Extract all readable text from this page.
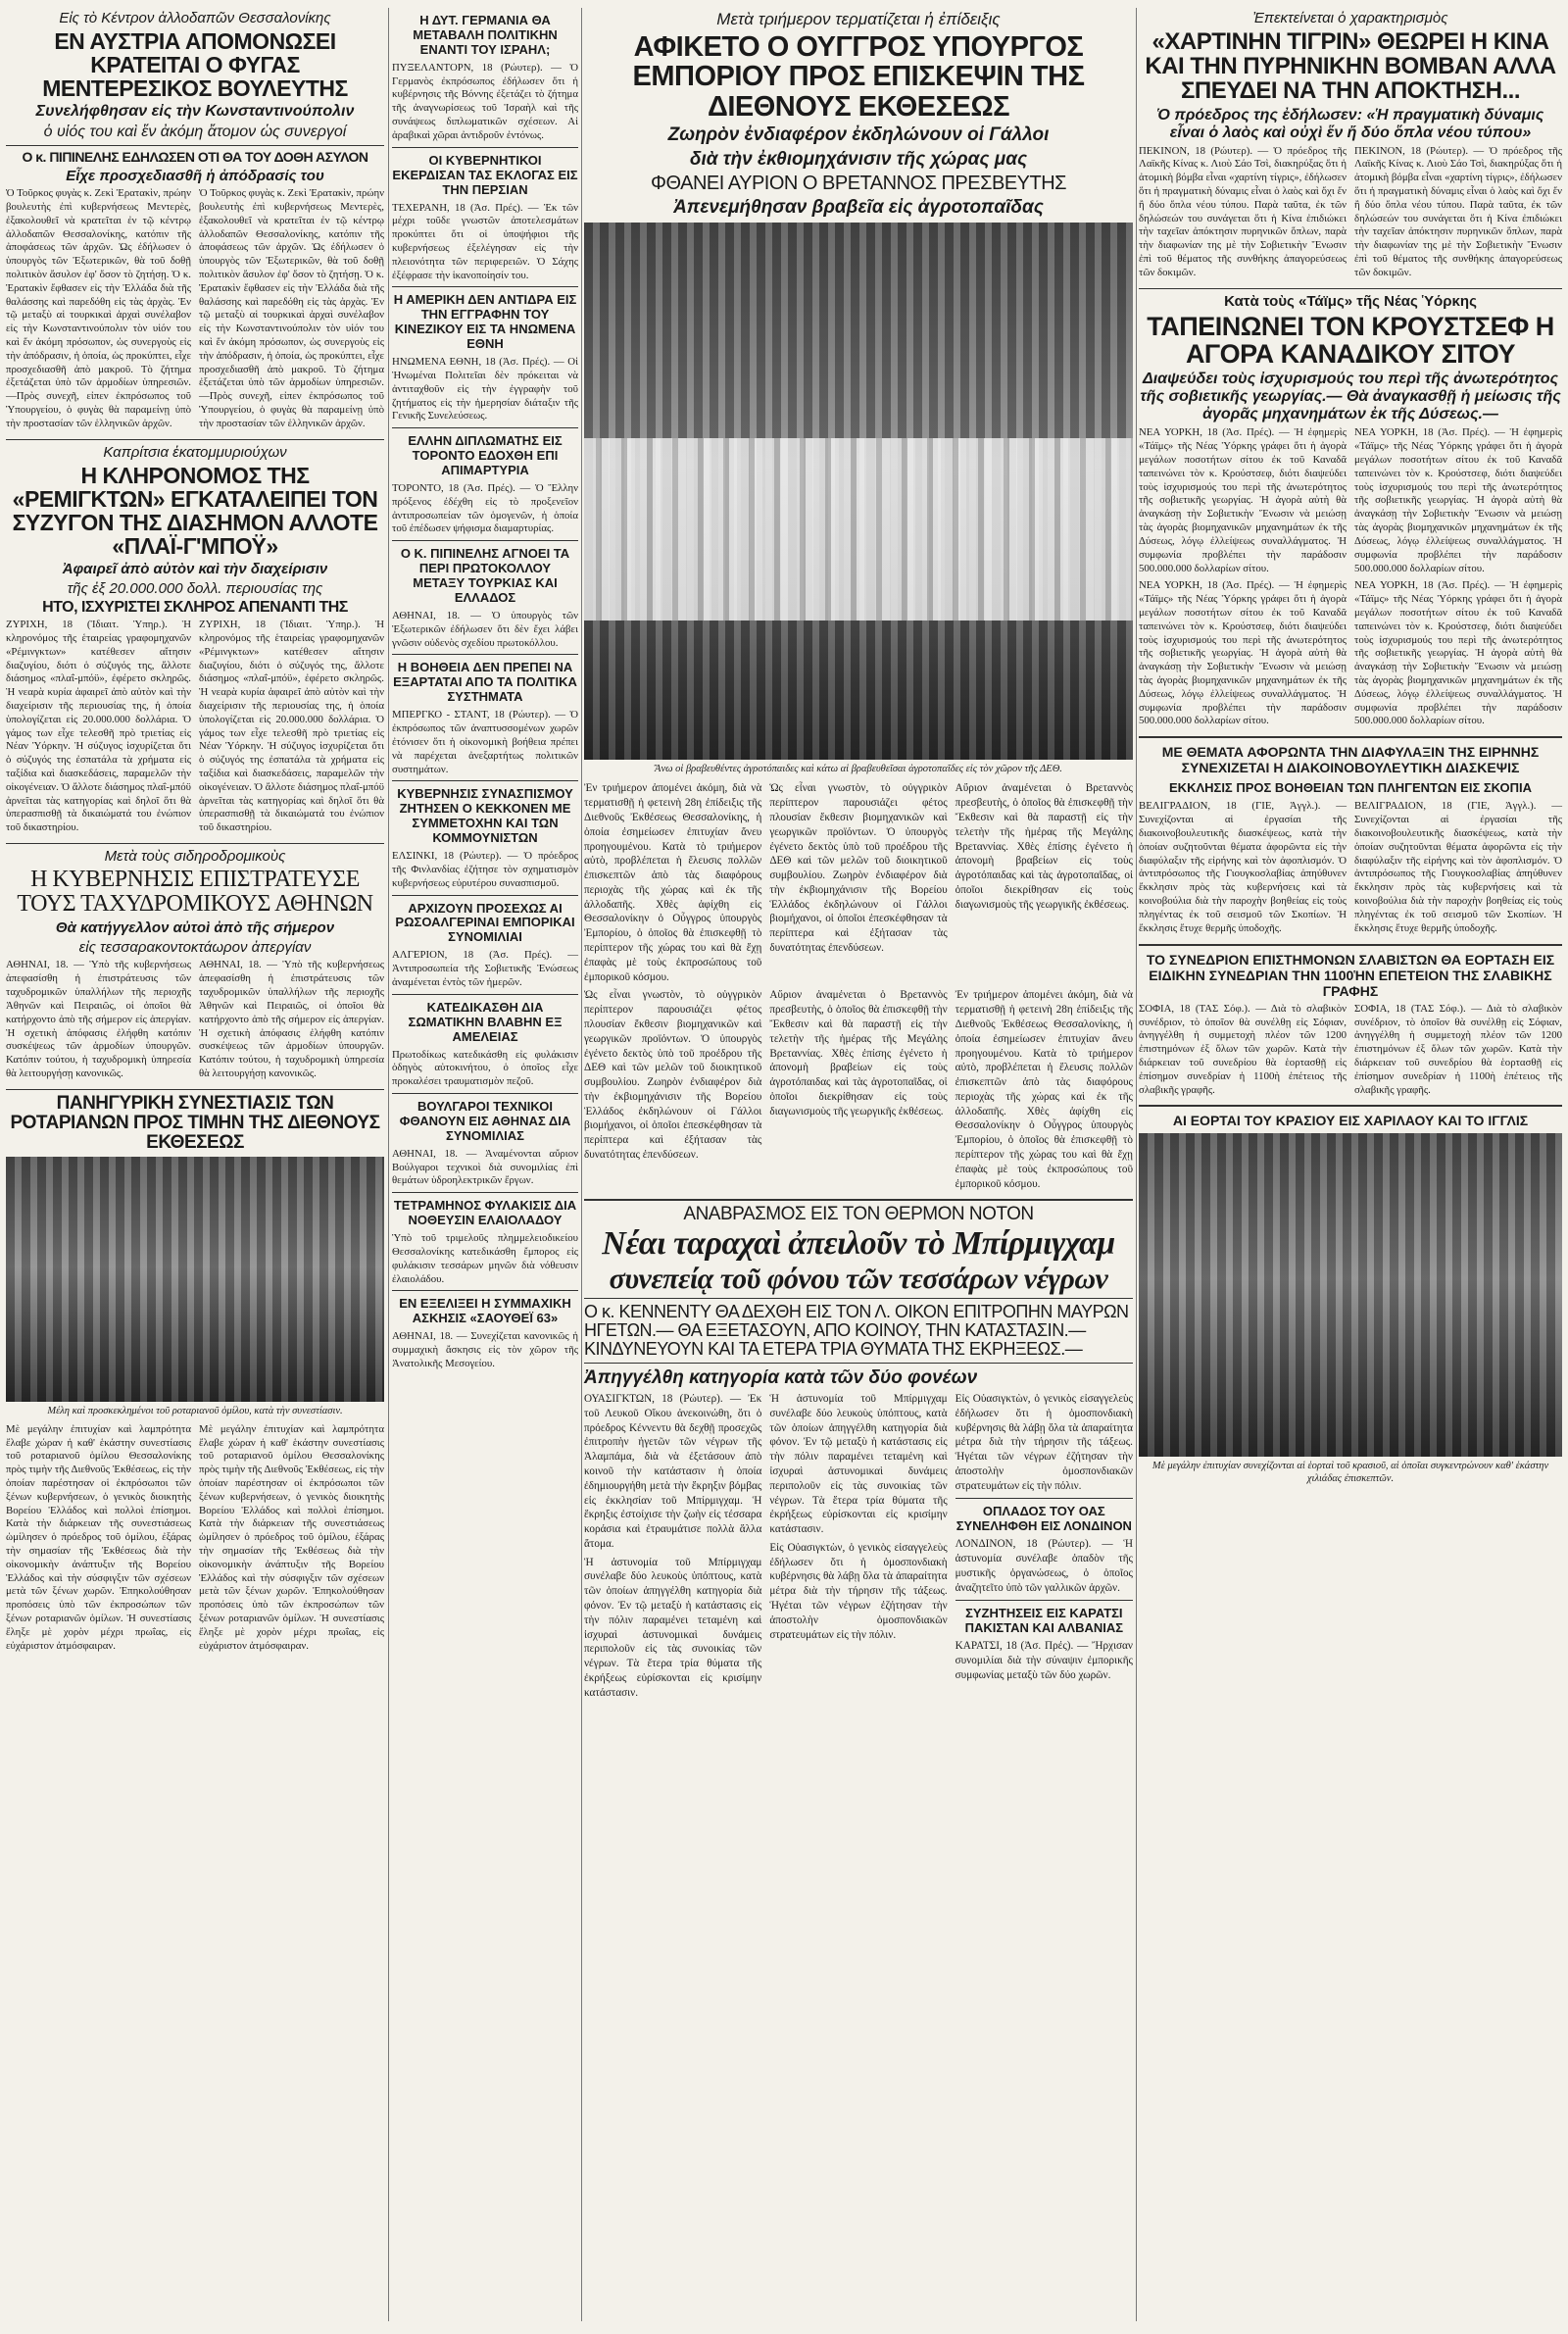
Εἰς τὸ Κέντρον ἀλλοδαπῶν Θεσσαλονίκης
ΕΝ ΑΥΣΤΡΙΑ ΑΠΟΜΟΝΩΣΕΙ ΚΡΑΤΕΙΤΑΙ Ο ΦΥΓΑΣ ΜΕΝΤΕΡΕΣΙΚΟΣ ΒΟΥΛΕΥΤΗΣ
Συνελήφθησαν εἰς τὴν Κωνσταντινούπολιν
ὁ υἱός του καὶ ἕν ἀκόμη ἄτομον ὡς συνεργοί
Ο κ. ΠΙΠΙΝΕΛΗΣ ΕΔΗΛΩΣΕΝ ΟΤΙ ΘΑ ΤΟΥ ΔΟΘΗ ΑΣΥΛΟΝ
Εἶχε προσχεδιασθῆ ἡ ἀπόδρασίς του
Ὁ Τοῦρκος φυγὰς κ. Ζεκὶ Ἐρατακὶν, πρώην βουλευτὴς ἐπὶ κυβερνήσεως Μεντερὲς, ἐξακολουθεῖ νὰ κρατεῖται ἐν τῷ κέντρῳ ἀλλοδαπῶν Θεσσαλονίκης, κατόπιν τῆς ἀποφάσεως τῶν ἀρχῶν. Ὡς ἐδήλωσεν ὁ ὑπουργὸς τῶν Ἐξωτερικῶν, θὰ τοῦ δοθῇ πολιτικὸν ἄσυλον ἐφ' ὅσον τὸ ζητήσῃ. Ὁ κ. Ἐρατακὶν ἔφθασεν εἰς τὴν Ἑλλάδα διὰ τῆς θαλάσσης καὶ παρεδόθη εἰς τὰς ἀρχὰς. Ἐν τῷ μεταξὺ αἱ τουρκικαὶ ἀρχαὶ συνέλαβον εἰς τὴν Κωνσταντινούπολιν τὸν υἱόν του καὶ ἕν ἀκόμη πρόσωπον, ὡς συνεργοὺς εἰς τὴν ἀπόδρασιν, ἡ ὁποία, ὡς προκύπτει, εἶχε προσχεδιασθῆ ἀπὸ μακροῦ. Τὸ ζήτημα ἐξετάζεται ὑπὸ τῶν ἁρμοδίων ὑπηρεσιῶν. —Πρὸς συνεχῆ, εἰπεν ἐκπρόσωπος τοῦ Ὑπουργείου, ὁ φυγὰς θὰ παραμείνῃ ὑπὸ τὴν προστασίαν τῶν ἑλληνικῶν ἀρχῶν.
Ὁ Τοῦρκος φυγὰς κ. Ζεκὶ Ἐρατακὶν, πρώην βουλευτὴς ἐπὶ κυβερνήσεως Μεντερὲς, ἐξακολουθεῖ νὰ κρατεῖται ἐν τῷ κέντρῳ ἀλλοδαπῶν Θεσσαλονίκης, κατόπιν τῆς ἀποφάσεως τῶν ἀρχῶν. Ὡς ἐδήλωσεν ὁ ὑπουργὸς τῶν Ἐξωτερικῶν, θὰ τοῦ δοθῇ πολιτικὸν ἄσυλον ἐφ' ὅσον τὸ ζητήσῃ. Ὁ κ. Ἐρατακὶν ἔφθασεν εἰς τὴν Ἑλλάδα διὰ τῆς θαλάσσης καὶ παρεδόθη εἰς τὰς ἀρχὰς. Ἐν τῷ μεταξὺ αἱ τουρκικαὶ ἀρχαὶ συνέλαβον εἰς τὴν Κωνσταντινούπολιν τὸν υἱόν του καὶ ἕν ἀκόμη πρόσωπον, ὡς συνεργοὺς εἰς τὴν ἀπόδρασιν, ἡ ὁποία, ὡς προκύπτει, εἶχε προσχεδιασθῆ ἀπὸ μακροῦ. Τὸ ζήτημα ἐξετάζεται ὑπὸ τῶν ἁρμοδίων ὑπηρεσιῶν. —Πρὸς συνεχῆ, εἰπεν ἐκπρόσωπος τοῦ Ὑπουργείου, ὁ φυγὰς θὰ παραμείνῃ ὑπὸ τὴν προστασίαν τῶν ἑλληνικῶν ἀρχῶν.
Καπρίτσια ἑκατομμυριούχων
Η ΚΛΗΡΟΝΟΜΟΣ ΤΗΣ «ΡΕΜΙΓΚΤΩΝ» ΕΓΚΑΤΑΛΕΙΠΕΙ ΤΟΝ ΣΥΖΥΓΟΝ ΤΗΣ ΔΙΑΣΗΜΟΝ ΑΛΛΟΤΕ «ΠΛΑΪ-Γ'ΜΠΟΫ»
Ἀφαιρεῖ ἀπὸ αὐτὸν καὶ τὴν διαχείρισιν
τῆς ἐξ 20.000.000 δολλ. περιουσίας της
ΗΤΟ, ΙΣΧΥΡΙΣΤΕΙ ΣΚΛΗΡΟΣ ΑΠΕΝΑΝΤΙ ΤΗΣ
ΖΥΡΙΧΗ, 18 (Ἰδιαιτ. Ὑπηρ.). Ἡ κληρονόμος τῆς ἑταιρείας γραφομηχανῶν «Ρέμινγκτων» κατέθεσεν αἴτησιν διαζυγίου, διότι ὁ σύζυγός της, ἄλλοτε διάσημος «πλαΐ-μπόϋ», ἐφέρετο σκληρῶς. Ἡ νεαρὰ κυρία ἀφαιρεῖ ἀπὸ αὐτὸν καὶ τὴν διαχείρισιν τῆς περιουσίας της, ἡ ὁποία ὑπολογίζεται εἰς 20.000.000 δολλάρια. Ὁ γάμος των εἶχε τελεσθῆ πρὸ τριετίας εἰς Νέαν Ὑόρκην. Ἡ σύζυγος ἰσχυρίζεται ὅτι ὁ σύζυγός της ἐσπατάλα τὰ χρήματα εἰς ταξίδια καὶ διασκεδάσεις, παραμελῶν τὴν οἰκογένειαν. Ὁ ἄλλοτε διάσημος πλαΐ-μπόϋ ἀρνεῖται τὰς κατηγορίας καὶ δηλοῖ ὅτι θὰ ὑπερασπισθῇ τὰ δικαιώματά του ἐνώπιον τοῦ δικαστηρίου.
ΖΥΡΙΧΗ, 18 (Ἰδιαιτ. Ὑπηρ.). Ἡ κληρονόμος τῆς ἑταιρείας γραφομηχανῶν «Ρέμινγκτων» κατέθεσεν αἴτησιν διαζυγίου, διότι ὁ σύζυγός της, ἄλλοτε διάσημος «πλαΐ-μπόϋ», ἐφέρετο σκληρῶς. Ἡ νεαρὰ κυρία ἀφαιρεῖ ἀπὸ αὐτὸν καὶ τὴν διαχείρισιν τῆς περιουσίας της, ἡ ὁποία ὑπολογίζεται εἰς 20.000.000 δολλάρια. Ὁ γάμος των εἶχε τελεσθῆ πρὸ τριετίας εἰς Νέαν Ὑόρκην. Ἡ σύζυγος ἰσχυρίζεται ὅτι ὁ σύζυγός της ἐσπατάλα τὰ χρήματα εἰς ταξίδια καὶ διασκεδάσεις, παραμελῶν τὴν οἰκογένειαν. Ὁ ἄλλοτε διάσημος πλαΐ-μπόϋ ἀρνεῖται τὰς κατηγορίας καὶ δηλοῖ ὅτι θὰ ὑπερασπισθῇ τὰ δικαιώματά του ἐνώπιον τοῦ δικαστηρίου.
Μετὰ τοὺς σιδηροδρομικοὺς
Η ΚΥΒΕΡΝΗΣΙΣ ΕΠΙΣΤΡΑΤΕΥΣΕ ΤΟΥΣ ΤΑΧΥΔΡΟΜΙΚΟΥΣ ΑΘΗΝΩΝ
Θὰ κατήγγελλον αὐτοὶ ἀπὸ τῆς σήμερον
εἰς τεσσαρακοντοκτάωρον ἀπεργίαν
ΑΘΗΝΑΙ, 18. — Ὑπὸ τῆς κυβερνήσεως ἀπεφασίσθη ἡ ἐπιστράτευσις τῶν ταχυδρομικῶν ὑπαλλήλων τῆς περιοχῆς Ἀθηνῶν καὶ Πειραιῶς, οἱ ὁποῖοι θὰ κατήρχοντο ἀπὸ τῆς σήμερον εἰς ἀπεργίαν. Ἡ σχετικὴ ἀπόφασις ἐλήφθη κατόπιν συσκέψεως τῶν ἁρμοδίων ὑπουργῶν. Κατόπιν τούτου, ἡ ταχυδρομικὴ ὑπηρεσία θὰ λειτουργήσῃ κανονικῶς.
ΑΘΗΝΑΙ, 18. — Ὑπὸ τῆς κυβερνήσεως ἀπεφασίσθη ἡ ἐπιστράτευσις τῶν ταχυδρομικῶν ὑπαλλήλων τῆς περιοχῆς Ἀθηνῶν καὶ Πειραιῶς, οἱ ὁποῖοι θὰ κατήρχοντο ἀπὸ τῆς σήμερον εἰς ἀπεργίαν. Ἡ σχετικὴ ἀπόφασις ἐλήφθη κατόπιν συσκέψεως τῶν ἁρμοδίων ὑπουργῶν. Κατόπιν τούτου, ἡ ταχυδρομικὴ ὑπηρεσία θὰ λειτουργήσῃ κανονικῶς.
ΠΑΝΗΓΥΡΙΚΗ ΣΥΝΕΣΤΙΑΣΙΣ ΤΩΝ ΡΟΤΑΡΙΑΝΩΝ ΠΡΟΣ ΤΙΜΗΝ ΤΗΣ ΔΙΕΘΝΟΥΣ ΕΚΘΕΣΕΩΣ
Μέλη καὶ προσκεκλημένοι τοῦ ροταριανοῦ ὁμίλου, κατὰ τὴν συνεστίασιν.
Μὲ μεγάλην ἐπιτυχίαν καὶ λαμπρότητα ἔλαβε χώραν ἡ καθ' ἑκάστην συνεστίασις τοῦ ροταριανοῦ ὁμίλου Θεσσαλονίκης πρὸς τιμὴν τῆς Διεθνοῦς Ἐκθέσεως, εἰς τὴν ὁποίαν παρέστησαν οἱ ἐκπρόσωποι τῶν ξένων κυβερνήσεων, ὁ γενικὸς διοικητὴς Βορείου Ἑλλάδος καὶ πολλοὶ ἐπίσημοι. Κατὰ τὴν διάρκειαν τῆς συνεστιάσεως ὡμίλησεν ὁ πρόεδρος τοῦ ὁμίλου, ἐξάρας τὴν σημασίαν τῆς Ἐκθέσεως διὰ τὴν οἰκονομικὴν ἀνάπτυξιν τῆς Βορείου Ἑλλάδος καὶ τὴν σύσφιγξιν τῶν σχέσεων μετὰ τῶν ξένων χωρῶν. Ἐπηκολούθησαν προπόσεις ὑπὸ τῶν ἐκπροσώπων τῶν ξένων ροταριανῶν ὁμίλων. Ἡ συνεστίασις ἔληξε μὲ χορὸν μέχρι πρωΐας, εἰς εὐχάριστον ἀτμόσφαιραν.
Μὲ μεγάλην ἐπιτυχίαν καὶ λαμπρότητα ἔλαβε χώραν ἡ καθ' ἑκάστην συνεστίασις τοῦ ροταριανοῦ ὁμίλου Θεσσαλονίκης πρὸς τιμὴν τῆς Διεθνοῦς Ἐκθέσεως, εἰς τὴν ὁποίαν παρέστησαν οἱ ἐκπρόσωποι τῶν ξένων κυβερνήσεων, ὁ γενικὸς διοικητὴς Βορείου Ἑλλάδος καὶ πολλοὶ ἐπίσημοι. Κατὰ τὴν διάρκειαν τῆς συνεστιάσεως ὡμίλησεν ὁ πρόεδρος τοῦ ὁμίλου, ἐξάρας τὴν σημασίαν τῆς Ἐκθέσεως διὰ τὴν οἰκονομικὴν ἀνάπτυξιν τῆς Βορείου Ἑλλάδος καὶ τὴν σύσφιγξιν τῶν σχέσεων μετὰ τῶν ξένων χωρῶν. Ἐπηκολούθησαν προπόσεις ὑπὸ τῶν ἐκπροσώπων τῶν ξένων ροταριανῶν ὁμίλων. Ἡ συνεστίασις ἔληξε μὲ χορὸν μέχρι πρωΐας, εἰς εὐχάριστον ἀτμόσφαιραν.
Η ΔΥΤ. ΓΕΡΜΑΝΙΑ ΘΑ ΜΕΤΑΒΑΛΗ ΠΟΛΙΤΙΚΗΝ ΕΝΑΝΤΙ ΤΟΥ ΙΣΡΑΗΛ;
ΠΥΞΕΛΑΝΤΟΡΝ, 18 (Ρώυτερ). — Ὁ Γερμανὸς ἐκπρόσωπος ἐδήλωσεν ὅτι ἡ κυβέρνησις τῆς Βόννης ἐξετάζει τὸ ζήτημα τῆς ἀναγνωρίσεως τοῦ Ἰσραὴλ καὶ τῆς συνάψεως διπλωματικῶν σχέσεων. Αἱ ἀραβικαὶ χῶραι ἀντιδροῦν ἐντόνως.
ΟΙ ΚΥΒΕΡΝΗΤΙΚΟΙ ΕΚΕΡΔΙΣΑΝ ΤΑΣ ΕΚΛΟΓΑΣ ΕΙΣ ΤΗΝ ΠΕΡΣΙΑΝ
ΤΕΧΕΡΑΝΗ, 18 (Ἀσ. Πρές). — Ἐκ τῶν μέχρι τοῦδε γνωστῶν ἀποτελεσμάτων προκύπτει ὅτι οἱ ὑποψήφιοι τῆς κυβερνήσεως ἐξελέγησαν εἰς τὴν πλειονότητα τῶν περιφερειῶν. Ὁ Σάχης ἐξέφρασε τὴν ἱκανοποίησίν του.
Η ΑΜΕΡΙΚΗ ΔΕΝ ΑΝΤΙΔΡΑ ΕΙΣ ΤΗΝ ΕΓΓΡΑΦΗΝ ΤΟΥ ΚΙΝΕΖΙΚΟΥ ΕΙΣ ΤΑ ΗΝΩΜΕΝΑ ΕΘΝΗ
ΗΝΩΜΕΝΑ ΕΘΝΗ, 18 (Ἀσ. Πρές). — Οἱ Ἡνωμέναι Πολιτεῖαι δὲν πρόκειται νὰ ἀντιταχθοῦν εἰς τὴν ἐγγραφὴν τοῦ ζητήματος εἰς τὴν ἡμερησίαν διάταξιν τῆς Γενικῆς Συνελεύσεως.
ΕΛΛΗΝ ΔΙΠΛΩΜΑΤΗΣ ΕΙΣ ΤΟΡΟΝΤΟ ΕΔΟΧΘΗ ΕΠΙ ΑΠΙΜΑΡΤΥΡΙΑ
ΤΟΡΟΝΤΟ, 18 (Ἀσ. Πρές). — Ὁ Ἕλλην πρόξενος ἐδέχθη εἰς τὸ προξενεῖον ἀντιπροσωπείαν τῶν ὁμογενῶν, ἡ ὁποία τοῦ ἐπέδωσεν ψήφισμα διαμαρτυρίας.
Ο Κ. ΠΙΠΙΝΕΛΗΣ ΑΓΝΟΕΙ ΤΑ ΠΕΡΙ ΠΡΩΤΟΚΟΛΛΟΥ ΜΕΤΑΞΥ ΤΟΥΡΚΙΑΣ ΚΑΙ ΕΛΛΑΔΟΣ
ΑΘΗΝΑΙ, 18. — Ὁ ὑπουργὸς τῶν Ἐξωτερικῶν ἐδήλωσεν ὅτι δὲν ἔχει λάβει γνῶσιν οὐδενὸς σχεδίου πρωτοκόλλου.
Η ΒΟΗΘΕΙΑ ΔΕΝ ΠΡΕΠΕΙ ΝΑ ΕΞΑΡΤΑΤΑΙ ΑΠΟ ΤΑ ΠΟΛΙΤΙΚΑ ΣΥΣΤΗΜΑΤΑ
ΜΠΕΡΓΚΟ - ΣΤΑΝΤ, 18 (Ρώυτερ). — Ὁ ἐκπρόσωπος τῶν ἀναπτυσσομένων χωρῶν ἐτόνισεν ὅτι ἡ οἰκονομικὴ βοήθεια πρέπει νὰ παρέχεται ἀνεξαρτήτως πολιτικῶν συστημάτων.
ΚΥΒΕΡΝΗΣΙΣ ΣΥΝΑΣΠΙΣΜΟΥ ΖΗΤΗΣΕΝ Ο ΚΕΚΚΟΝΕΝ ΜΕ ΣΥΜΜΕΤΟΧΗΝ ΚΑΙ ΤΩΝ ΚΟΜΜΟΥΝΙΣΤΩΝ
ΕΛΣΙΝΚΙ, 18 (Ρώυτερ). — Ὁ πρόεδρος τῆς Φινλανδίας ἐζήτησε τὸν σχηματισμὸν κυβερνήσεως εὐρυτέρου συνασπισμοῦ.
ΑΡΧΙΖΟΥΝ ΠΡΟΣΕΧΩΣ ΑΙ ΡΩΣΟΑΛΓΕΡΙΝΑΙ ΕΜΠΟΡΙΚΑΙ ΣΥΝΟΜΙΛΙΑΙ
ΑΛΓΕΡΙΟΝ, 18 (Ἀσ. Πρές). — Ἀντιπροσωπεία τῆς Σοβιετικῆς Ἑνώσεως ἀναμένεται ἐντὸς τῶν ἡμερῶν.
ΚΑΤΕΔΙΚΑΣΘΗ ΔΙΑ ΣΩΜΑΤΙΚΗΝ ΒΛΑΒΗΝ ΕΞ ΑΜΕΛΕΙΑΣ
Πρωτοδίκως κατεδικάσθη εἰς φυλάκισιν ὁδηγὸς αὐτοκινήτου, ὁ ὁποῖος εἶχε προκαλέσει τραυματισμὸν πεζοῦ.
ΒΟΥΛΓΑΡΟΙ ΤΕΧΝΙΚΟΙ ΦΘΑΝΟΥΝ ΕΙΣ ΑΘΗΝΑΣ ΔΙΑ ΣΥΝΟΜΙΛΙΑΣ
ΑΘΗΝΑΙ, 18. — Ἀναμένονται αὔριον Βούλγαροι τεχνικοὶ διὰ συνομιλίας ἐπὶ θεμάτων ὑδροηλεκτρικῶν ἔργων.
ΤΕΤΡΑΜΗΝΟΣ ΦΥΛΑΚΙΣΙΣ ΔΙΑ ΝΟΘΕΥΣΙΝ ΕΛΑΙΟΛΑΔΟΥ
Ὑπὸ τοῦ τριμελοῦς πλημμελειοδικείου Θεσσαλονίκης κατεδικάσθη ἔμπορος εἰς φυλάκισιν τεσσάρων μηνῶν διὰ νόθευσιν ἐλαιολάδου.
ΕΝ ΕΞΕΛΙΞΕΙ Η ΣΥΜΜΑΧΙΚΗ ΑΣΚΗΣΙΣ «ΣΑΟΥΘΕΪ 63»
ΑΘΗΝΑΙ, 18. — Συνεχίζεται κανονικῶς ἡ συμμαχικὴ ἄσκησις εἰς τὸν χῶρον τῆς Ἀνατολικῆς Μεσογείου.
Μετὰ τριήμερον τερματίζεται ἡ ἐπίδειξις
ΑΦΙΚΕΤΟ Ο ΟΥΓΓΡΟΣ ΥΠΟΥΡΓΟΣ ΕΜΠΟΡΙΟΥ ΠΡΟΣ ΕΠΙΣΚΕΨΙΝ ΤΗΣ ΔΙΕΘΝΟΥΣ ΕΚΘΕΣΕΩΣ
Ζωηρὸν ἐνδιαφέρον ἐκδηλώνουν οἱ Γάλλοι
διὰ τὴν ἐκθιομηχάνισιν τῆς χώρας μας
ΦΘΑΝΕΙ ΑΥΡΙΟΝ Ο ΒΡΕΤΑΝΝΟΣ ΠΡΕΣΒΕΥΤΗΣ
Ἀπενεμήθησαν βραβεῖα εἰς ἀγροτοπαῖδας
Ἄνω οἱ βραβευθέντες ἀγροτόπαιδες καὶ κάτω αἱ βραβευθεῖσαι ἀγροτοπαῖδες εἰς τὸν χῶρον τῆς ΔΕΘ.
Ἐν τριήμερον ἀπομένει ἀκόμη, διὰ νὰ τερματισθῇ ἡ φετεινὴ 28η ἐπίδειξις τῆς Διεθνοῦς Ἐκθέσεως Θεσσαλονίκης, ἡ ὁποία ἐσημείωσεν ἐπιτυχίαν ἄνευ προηγουμένου. Κατὰ τὸ τριήμερον αὐτὸ, προβλέπεται ἡ ἔλευσις πολλῶν ἐπισκεπτῶν ἀπὸ τὰς διαφόρους περιοχὰς τῆς χώρας καὶ ἐκ τῆς ἀλλοδαπῆς. Χθὲς ἀφίχθη εἰς Θεσσαλονίκην ὁ Οὖγγρος ὑπουργὸς Ἐμπορίου, ὁ ὁποῖος θὰ ἐπισκεφθῇ τὸ περίπτερον τῆς χώρας του καὶ θὰ ἔχῃ ἐπαφὰς μὲ τοὺς ἐκπροσώπους τοῦ ἐμπορικοῦ κόσμου.
Ὡς εἶναι γνωστὸν, τὸ οὐγγρικὸν περίπτερον παρουσιάζει φέτος πλουσίαν ἔκθεσιν βιομηχανικῶν καὶ γεωργικῶν προϊόντων. Ὁ ὑπουργὸς ἐγένετο δεκτὸς ὑπὸ τοῦ προέδρου τῆς ΔΕΘ καὶ τῶν μελῶν τοῦ διοικητικοῦ συμβουλίου. Ζωηρὸν ἐνδιαφέρον διὰ τὴν ἐκβιομηχάνισιν τῆς Βορείου Ἑλλάδος ἐκδηλώνουν οἱ Γάλλοι βιομήχανοι, οἱ ὁποῖοι ἐπεσκέφθησαν τὰ περίπτερα καὶ ἐξήτασαν τὰς δυνατότητας ἐπενδύσεων.
Αὔριον ἀναμένεται ὁ Βρεταννὸς πρεσβευτὴς, ὁ ὁποῖος θὰ ἐπισκεφθῇ τὴν Ἔκθεσιν καὶ θὰ παραστῇ εἰς τὴν τελετὴν τῆς ἡμέρας τῆς Μεγάλης Βρεταννίας. Χθὲς ἐπίσης ἐγένετο ἡ ἀπονομὴ βραβείων εἰς τοὺς ἀγροτόπαιδας καὶ τὰς ἀγροτοπαῖδας, οἱ ὁποῖοι διεκρίθησαν εἰς τοὺς διαγωνισμοὺς τῆς γεωργικῆς ἐκθέσεως.
Ὡς εἶναι γνωστὸν, τὸ οὐγγρικὸν περίπτερον παρουσιάζει φέτος πλουσίαν ἔκθεσιν βιομηχανικῶν καὶ γεωργικῶν προϊόντων. Ὁ ὑπουργὸς ἐγένετο δεκτὸς ὑπὸ τοῦ προέδρου τῆς ΔΕΘ καὶ τῶν μελῶν τοῦ διοικητικοῦ συμβουλίου. Ζωηρὸν ἐνδιαφέρον διὰ τὴν ἐκβιομηχάνισιν τῆς Βορείου Ἑλλάδος ἐκδηλώνουν οἱ Γάλλοι βιομήχανοι, οἱ ὁποῖοι ἐπεσκέφθησαν τὰ περίπτερα καὶ ἐξήτασαν τὰς δυνατότητας ἐπενδύσεων.
Αὔριον ἀναμένεται ὁ Βρεταννὸς πρεσβευτὴς, ὁ ὁποῖος θὰ ἐπισκεφθῇ τὴν Ἔκθεσιν καὶ θὰ παραστῇ εἰς τὴν τελετὴν τῆς ἡμέρας τῆς Μεγάλης Βρεταννίας. Χθὲς ἐπίσης ἐγένετο ἡ ἀπονομὴ βραβείων εἰς τοὺς ἀγροτόπαιδας καὶ τὰς ἀγροτοπαῖδας, οἱ ὁποῖοι διεκρίθησαν εἰς τοὺς διαγωνισμοὺς τῆς γεωργικῆς ἐκθέσεως.
Ἐν τριήμερον ἀπομένει ἀκόμη, διὰ νὰ τερματισθῇ ἡ φετεινὴ 28η ἐπίδειξις τῆς Διεθνοῦς Ἐκθέσεως Θεσσαλονίκης, ἡ ὁποία ἐσημείωσεν ἐπιτυχίαν ἄνευ προηγουμένου. Κατὰ τὸ τριήμερον αὐτὸ, προβλέπεται ἡ ἔλευσις πολλῶν ἐπισκεπτῶν ἀπὸ τὰς διαφόρους περιοχὰς τῆς χώρας καὶ ἐκ τῆς ἀλλοδαπῆς. Χθὲς ἀφίχθη εἰς Θεσσαλονίκην ὁ Οὖγγρος ὑπουργὸς Ἐμπορίου, ὁ ὁποῖος θὰ ἐπισκεφθῇ τὸ περίπτερον τῆς χώρας του καὶ θὰ ἔχῃ ἐπαφὰς μὲ τοὺς ἐκπροσώπους τοῦ ἐμπορικοῦ κόσμου.
ΑΝΑΒΡΑΣΜΟΣ ΕΙΣ ΤΟΝ ΘΕΡΜΟΝ ΝΟΤΟΝ
Νέαι ταραχαὶ ἀπειλοῦν τὸ Μπίρμιγχαμ
συνεπείᾳ τοῦ φόνου τῶν τεσσάρων νέγρων
Ο κ. ΚΕΝΝΕΝΤΥ ΘΑ ΔΕΧΘΗ ΕΙΣ ΤΟΝ Λ. ΟΙΚΟΝ ΕΠΙΤΡΟΠΗΝ ΜΑΥΡΩΝ ΗΓΕΤΩΝ.— ΘΑ ΕΞΕΤΑΣΟΥΝ, ΑΠΟ ΚΟΙΝΟΥ, ΤΗΝ ΚΑΤΑΣΤΑΣΙΝ.— ΚΙΝΔΥΝΕΥΟΥΝ ΚΑΙ ΤΑ ΕΤΕΡΑ ΤΡΙΑ ΘΥΜΑΤΑ ΤΗΣ ΕΚΡΗΞΕΩΣ.—
Ἀπηγγέλθη κατηγορία κατὰ τῶν δύο φονέων
ΟΥΑΣΙΓΚΤΩΝ, 18 (Ρώυτερ). — Ἐκ τοῦ Λευκοῦ Οἴκου ἀνεκοινώθη, ὅτι ὁ πρόεδρος Κέννεντυ θὰ δεχθῇ προσεχῶς ἐπιτροπὴν ἡγετῶν τῶν νέγρων τῆς Ἀλαμπάμα, διὰ νὰ ἐξετάσουν ἀπὸ κοινοῦ τὴν κατάστασιν ἡ ὁποία ἐδημιουργήθη μετὰ τὴν ἔκρηξιν βόμβας εἰς ἐκκλησίαν τοῦ Μπίρμιγχαμ. Ἡ ἔκρηξις ἐστοίχισε τὴν ζωὴν εἰς τέσσαρα κοράσια καὶ ἐτραυμάτισε πολλὰ ἄλλα ἄτομα.
Ἡ ἀστυνομία τοῦ Μπίρμιγχαμ συνέλαβε δύο λευκοὺς ὑπόπτους, κατὰ τῶν ὁποίων ἀπηγγέλθη κατηγορία διὰ φόνον. Ἐν τῷ μεταξὺ ἡ κατάστασις εἰς τὴν πόλιν παραμένει τεταμένη καὶ ἰσχυραὶ ἀστυνομικαὶ δυνάμεις περιπολοῦν εἰς τὰς συνοικίας τῶν νέγρων. Τὰ ἕτερα τρία θύματα τῆς ἐκρήξεως εὑρίσκονται εἰς κρισίμην κατάστασιν.
Ἡ ἀστυνομία τοῦ Μπίρμιγχαμ συνέλαβε δύο λευκοὺς ὑπόπτους, κατὰ τῶν ὁποίων ἀπηγγέλθη κατηγορία διὰ φόνον. Ἐν τῷ μεταξὺ ἡ κατάστασις εἰς τὴν πόλιν παραμένει τεταμένη καὶ ἰσχυραὶ ἀστυνομικαὶ δυνάμεις περιπολοῦν εἰς τὰς συνοικίας τῶν νέγρων. Τὰ ἕτερα τρία θύματα τῆς ἐκρήξεως εὑρίσκονται εἰς κρισίμην κατάστασιν.
Εἰς Οὐασιγκτὼν, ὁ γενικὸς εἰσαγγελεὺς ἐδήλωσεν ὅτι ἡ ὁμοσπονδιακὴ κυβέρνησις θὰ λάβῃ ὅλα τὰ ἀπαραίτητα μέτρα διὰ τὴν τήρησιν τῆς τάξεως. Ἡγέται τῶν νέγρων ἐζήτησαν τὴν ἀποστολὴν ὁμοσπονδιακῶν στρατευμάτων εἰς τὴν πόλιν.
Εἰς Οὐασιγκτὼν, ὁ γενικὸς εἰσαγγελεὺς ἐδήλωσεν ὅτι ἡ ὁμοσπονδιακὴ κυβέρνησις θὰ λάβῃ ὅλα τὰ ἀπαραίτητα μέτρα διὰ τὴν τήρησιν τῆς τάξεως. Ἡγέται τῶν νέγρων ἐζήτησαν τὴν ἀποστολὴν ὁμοσπονδιακῶν στρατευμάτων εἰς τὴν πόλιν.
ΟΠΛΑΔΟΣ ΤΟΥ ΟΑΣ ΣΥΝΕΛΗΦΘΗ ΕΙΣ ΛΟΝΔΙΝΟΝ
ΛΟΝΔΙΝΟΝ, 18 (Ρώυτερ). — Ἡ ἀστυνομία συνέλαβε ὀπαδὸν τῆς μυστικῆς ὀργανώσεως, ὁ ὁποῖος ἀναζητεῖτο ὑπὸ τῶν γαλλικῶν ἀρχῶν.
ΣΥΖΗΤΗΣΕΙΣ ΕΙΣ ΚΑΡΑΤΣΙ ΠΑΚΙΣΤΑΝ ΚΑΙ ΑΛΒΑΝΙΑΣ
ΚΑΡΑΤΣΙ, 18 (Ἀσ. Πρές). — Ἤρχισαν συνομιλίαι διὰ τὴν σύναψιν ἐμπορικῆς συμφωνίας μεταξὺ τῶν δύο χωρῶν.
Ἐπεκτείνεται ὁ χαρακτηρισμὸς
«ΧΑΡΤΙΝΗΝ ΤΙΓΡΙΝ» ΘΕΩΡΕΙ Η ΚΙΝΑ ΚΑΙ ΤΗΝ ΠΥΡΗΝΙΚΗΝ ΒΟΜΒΑΝ ΑΛΛΑ ΣΠΕΥΔΕΙ ΝΑ ΤΗΝ ΑΠΟΚΤΗΣΗ...
Ὁ πρόεδρος της ἐδήλωσεν: «Ἡ πραγματικὴ δύναμις εἶναι ὁ λαὸς καὶ οὐχὶ ἕν ἤ δύο ὅπλα νέου τύπου»
ΠΕΚΙΝΟΝ, 18 (Ρώυτερ). — Ὁ πρόεδρος τῆς Λαϊκῆς Κίνας κ. Λιοὺ Σάο Τσὶ, διακηρύξας ὅτι ἡ ἀτομικὴ βόμβα εἶναι «χαρτίνη τίγρις», ἐδήλωσεν ὅτι ἡ πραγματικὴ δύναμις εἶναι ὁ λαὸς καὶ ὄχι ἕν ἢ δύο ὅπλα νέου τύπου. Παρὰ ταῦτα, ἐκ τῶν δηλώσεών του συνάγεται ὅτι ἡ Κίνα ἐπιδιώκει τὴν ταχεῖαν ἀπόκτησιν πυρηνικῶν ὅπλων, παρὰ τὴν διαφωνίαν της μὲ τὴν Σοβιετικὴν Ἕνωσιν ἐπὶ τοῦ θέματος τῆς συνθήκης ἀπαγορεύσεως τῶν δοκιμῶν.
ΠΕΚΙΝΟΝ, 18 (Ρώυτερ). — Ὁ πρόεδρος τῆς Λαϊκῆς Κίνας κ. Λιοὺ Σάο Τσὶ, διακηρύξας ὅτι ἡ ἀτομικὴ βόμβα εἶναι «χαρτίνη τίγρις», ἐδήλωσεν ὅτι ἡ πραγματικὴ δύναμις εἶναι ὁ λαὸς καὶ ὄχι ἕν ἢ δύο ὅπλα νέου τύπου. Παρὰ ταῦτα, ἐκ τῶν δηλώσεών του συνάγεται ὅτι ἡ Κίνα ἐπιδιώκει τὴν ταχεῖαν ἀπόκτησιν πυρηνικῶν ὅπλων, παρὰ τὴν διαφωνίαν της μὲ τὴν Σοβιετικὴν Ἕνωσιν ἐπὶ τοῦ θέματος τῆς συνθήκης ἀπαγορεύσεως τῶν δοκιμῶν.
Κατὰ τοὺς «Τάϊμς» τῆς Νέας Ὑόρκης
ΤΑΠΕΙΝΩΝΕΙ ΤΟΝ ΚΡΟΥΣΤΣΕΦ Η ΑΓΟΡΑ ΚΑΝΑΔΙΚΟΥ ΣΙΤΟΥ
Διαψεύδει τοὺς ἰσχυρισμούς του περὶ τῆς ἀνωτερότητος τῆς σοβιετικῆς γεωργίας.— Θὰ ἀναγκασθῇ ἡ μείωσις τῆς ἀγορᾶς μηχανημάτων ἐκ τῆς Δύσεως.—
ΝΕΑ ΥΟΡΚΗ, 18 (Ἀσ. Πρές). — Ἡ ἐφημερὶς «Τάϊμς» τῆς Νέας Ὑόρκης γράφει ὅτι ἡ ἀγορὰ μεγάλων ποσοτήτων σίτου ἐκ τοῦ Καναδᾶ ταπεινώνει τὸν κ. Κρούστσεφ, διότι διαψεύδει τοὺς ἰσχυρισμούς του περὶ τῆς ἀνωτερότητος τῆς σοβιετικῆς γεωργίας. Ἡ ἀγορὰ αὐτὴ θὰ ἀναγκάσῃ τὴν Σοβιετικὴν Ἕνωσιν νὰ μειώσῃ τὰς ἀγορὰς βιομηχανικῶν μηχανημάτων ἐκ τῆς Δύσεως, λόγῳ ἐλλείψεως συναλλάγματος. Ἡ συμφωνία προβλέπει τὴν παράδοσιν 500.000.000 δολλαρίων σίτου.
ΝΕΑ ΥΟΡΚΗ, 18 (Ἀσ. Πρές). — Ἡ ἐφημερὶς «Τάϊμς» τῆς Νέας Ὑόρκης γράφει ὅτι ἡ ἀγορὰ μεγάλων ποσοτήτων σίτου ἐκ τοῦ Καναδᾶ ταπεινώνει τὸν κ. Κρούστσεφ, διότι διαψεύδει τοὺς ἰσχυρισμούς του περὶ τῆς ἀνωτερότητος τῆς σοβιετικῆς γεωργίας. Ἡ ἀγορὰ αὐτὴ θὰ ἀναγκάσῃ τὴν Σοβιετικὴν Ἕνωσιν νὰ μειώσῃ τὰς ἀγορὰς βιομηχανικῶν μηχανημάτων ἐκ τῆς Δύσεως, λόγῳ ἐλλείψεως συναλλάγματος. Ἡ συμφωνία προβλέπει τὴν παράδοσιν 500.000.000 δολλαρίων σίτου.
ΝΕΑ ΥΟΡΚΗ, 18 (Ἀσ. Πρές). — Ἡ ἐφημερὶς «Τάϊμς» τῆς Νέας Ὑόρκης γράφει ὅτι ἡ ἀγορὰ μεγάλων ποσοτήτων σίτου ἐκ τοῦ Καναδᾶ ταπεινώνει τὸν κ. Κρούστσεφ, διότι διαψεύδει τοὺς ἰσχυρισμούς του περὶ τῆς ἀνωτερότητος τῆς σοβιετικῆς γεωργίας. Ἡ ἀγορὰ αὐτὴ θὰ ἀναγκάσῃ τὴν Σοβιετικὴν Ἕνωσιν νὰ μειώσῃ τὰς ἀγορὰς βιομηχανικῶν μηχανημάτων ἐκ τῆς Δύσεως, λόγῳ ἐλλείψεως συναλλάγματος. Ἡ συμφωνία προβλέπει τὴν παράδοσιν 500.000.000 δολλαρίων σίτου.
ΝΕΑ ΥΟΡΚΗ, 18 (Ἀσ. Πρές). — Ἡ ἐφημερὶς «Τάϊμς» τῆς Νέας Ὑόρκης γράφει ὅτι ἡ ἀγορὰ μεγάλων ποσοτήτων σίτου ἐκ τοῦ Καναδᾶ ταπεινώνει τὸν κ. Κρούστσεφ, διότι διαψεύδει τοὺς ἰσχυρισμούς του περὶ τῆς ἀνωτερότητος τῆς σοβιετικῆς γεωργίας. Ἡ ἀγορὰ αὐτὴ θὰ ἀναγκάσῃ τὴν Σοβιετικὴν Ἕνωσιν νὰ μειώσῃ τὰς ἀγορὰς βιομηχανικῶν μηχανημάτων ἐκ τῆς Δύσεως, λόγῳ ἐλλείψεως συναλλάγματος. Ἡ συμφωνία προβλέπει τὴν παράδοσιν 500.000.000 δολλαρίων σίτου.
ΜΕ ΘΕΜΑΤΑ ΑΦΟΡΩΝΤΑ ΤΗΝ ΔΙΑΦΥΛΑΞΙΝ ΤΗΣ ΕΙΡΗΝΗΣ ΣΥΝΕΧΙΖΕΤΑΙ Η ΔΙΑΚΟΙΝΟΒΟΥΛΕΥΤΙΚΗ ΔΙΑΣΚΕΨΙΣ
ΕΚΚΛΗΣΙΣ ΠΡΟΣ ΒΟΗΘΕΙΑΝ ΤΩΝ ΠΛΗΓΕΝΤΩΝ ΕΙΣ ΣΚΟΠΙΑ
ΒΕΛΙΓΡΑΔΙΟΝ, 18 (ΓΙΕ, Ἀγγλ.). — Συνεχίζονται αἱ ἐργασίαι τῆς διακοινοβουλευτικῆς διασκέψεως, κατὰ τὴν ὁποίαν συζητοῦνται θέματα ἀφορῶντα εἰς τὴν διαφύλαξιν τῆς εἰρήνης καὶ τὸν ἀφοπλισμόν. Ὁ ἀντιπρόσωπος τῆς Γιουγκοσλαβίας ἀπηύθυνεν ἔκκλησιν πρὸς τὰς κυβερνήσεις καὶ τὰ κοινοβούλια διὰ τὴν παροχὴν βοηθείας εἰς τοὺς πληγέντας ἐκ τοῦ σεισμοῦ τῶν Σκοπίων. Ἡ ἔκκλησις ἔτυχε θερμῆς ὑποδοχῆς.
ΒΕΛΙΓΡΑΔΙΟΝ, 18 (ΓΙΕ, Ἀγγλ.). — Συνεχίζονται αἱ ἐργασίαι τῆς διακοινοβουλευτικῆς διασκέψεως, κατὰ τὴν ὁποίαν συζητοῦνται θέματα ἀφορῶντα εἰς τὴν διαφύλαξιν τῆς εἰρήνης καὶ τὸν ἀφοπλισμόν. Ὁ ἀντιπρόσωπος τῆς Γιουγκοσλαβίας ἀπηύθυνεν ἔκκλησιν πρὸς τὰς κυβερνήσεις καὶ τὰ κοινοβούλια διὰ τὴν παροχὴν βοηθείας εἰς τοὺς πληγέντας ἐκ τοῦ σεισμοῦ τῶν Σκοπίων. Ἡ ἔκκλησις ἔτυχε θερμῆς ὑποδοχῆς.
ΤΟ ΣΥΝΕΔΡΙΟΝ ΕΠΙΣΤΗΜΟΝΩΝ ΣΛΑΒΙΣΤΩΝ ΘΑ ΕΟΡΤΑΣΗ ΕΙΣ ΕΙΔΙΚΗΝ ΣΥΝΕΔΡΙΑΝ ΤΗΝ 1100ἩΝ ΕΠΕΤΕΙΟΝ ΤΗΣ ΣΛΑΒΙΚΗΣ ΓΡΑΦΗΣ
ΣΟΦΙΑ, 18 (ΤΑΣ Σόφ.). — Διὰ τὸ σλαβικὸν συνέδριον, τὸ ὁποῖον θὰ συνέλθῃ εἰς Σόφιαν, ἀνηγγέλθη ἡ συμμετοχὴ πλέον τῶν 1200 ἐπιστημόνων ἐξ ὅλων τῶν χωρῶν. Κατὰ τὴν διάρκειαν τοῦ συνεδρίου θὰ ἑορτασθῇ εἰς ἐπίσημον συνεδρίαν ἡ 1100ὴ ἐπέτειος τῆς σλαβικῆς γραφῆς.
ΣΟΦΙΑ, 18 (ΤΑΣ Σόφ.). — Διὰ τὸ σλαβικὸν συνέδριον, τὸ ὁποῖον θὰ συνέλθῃ εἰς Σόφιαν, ἀνηγγέλθη ἡ συμμετοχὴ πλέον τῶν 1200 ἐπιστημόνων ἐξ ὅλων τῶν χωρῶν. Κατὰ τὴν διάρκειαν τοῦ συνεδρίου θὰ ἑορτασθῇ εἰς ἐπίσημον συνεδρίαν ἡ 1100ὴ ἐπέτειος τῆς σλαβικῆς γραφῆς.
ΑΙ ΕΟΡΤΑΙ ΤΟΥ ΚΡΑΣΙΟΥ ΕΙΣ ΧΑΡΙΛΑΟΥ ΚΑΙ ΤΟ ΙΓΓΛΙΣ
Μὲ μεγάλην ἐπιτυχίαν συνεχίζονται αἱ ἑορταὶ τοῦ κρασιοῦ, αἱ ὁποῖαι συγκεντρώνουν καθ' ἑκάστην χιλιάδας ἐπισκεπτῶν.
